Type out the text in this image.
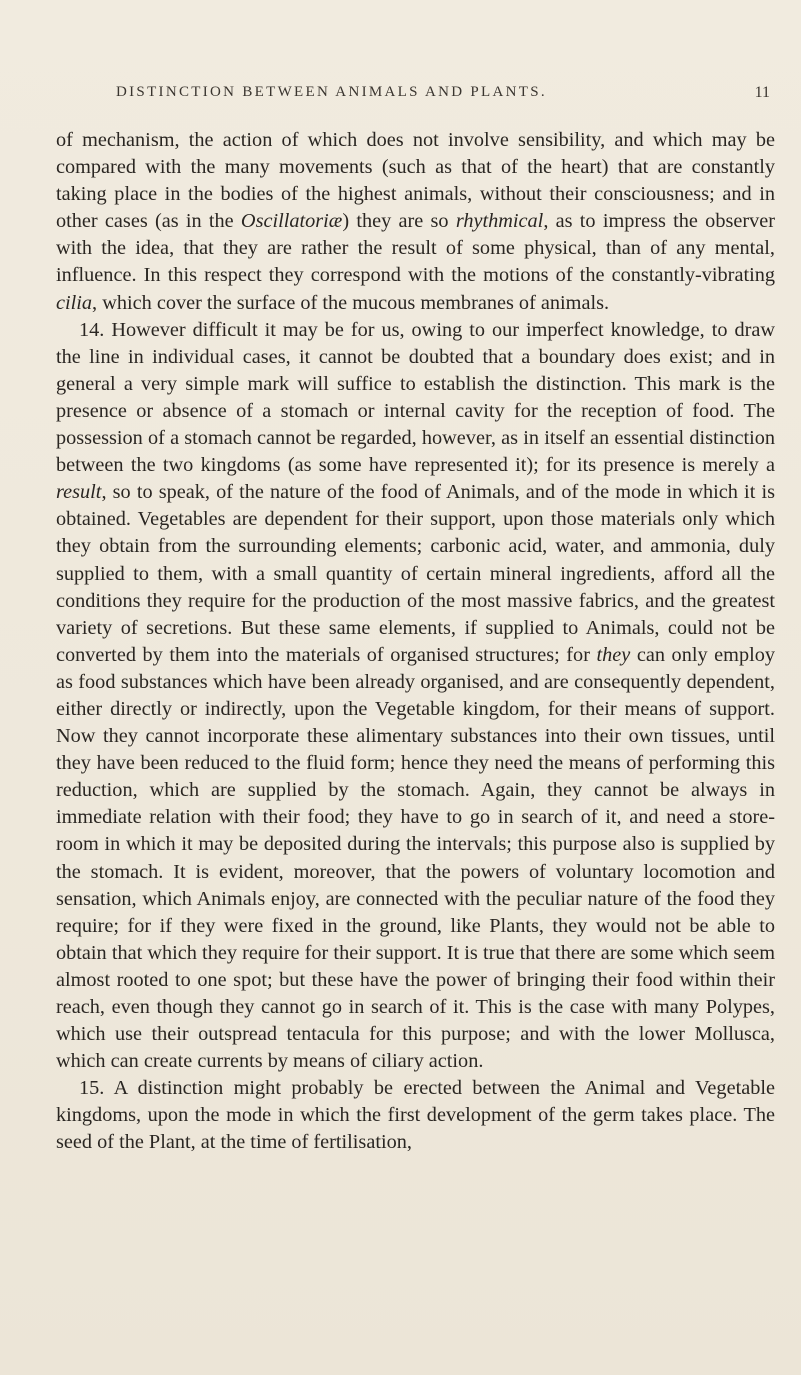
DISTINCTION BETWEEN ANIMALS AND PLANTS.	11

of mechanism, the action of which does not involve sensibility, and which may be compared with the many movements (such as that of the heart) that are constantly taking place in the bodies of the highest animals, without their consciousness; and in other cases (as in the Oscillatoriæ) they are so rhythmical, as to impress the observer with the idea, that they are rather the result of some physical, than of any mental, influence. In this respect they correspond with the motions of the constantly-vibrating cilia, which cover the surface of the mucous membranes of animals.

14. However difficult it may be for us, owing to our imperfect knowledge, to draw the line in individual cases, it cannot be doubted that a boundary does exist; and in general a very simple mark will suffice to establish the distinction. This mark is the presence or absence of a stomach or internal cavity for the reception of food. The possession of a stomach cannot be regarded, however, as in itself an essential distinction between the two kingdoms (as some have represented it); for its presence is merely a result, so to speak, of the nature of the food of Animals, and of the mode in which it is obtained. Vegetables are dependent for their support, upon those materials only which they obtain from the surrounding elements; carbonic acid, water, and ammonia, duly supplied to them, with a small quantity of certain mineral ingredients, afford all the conditions they require for the production of the most massive fabrics, and the greatest variety of secretions. But these same elements, if supplied to Animals, could not be converted by them into the materials of organised structures; for they can only employ as food substances which have been already organised, and are consequently dependent, either directly or indirectly, upon the Vegetable kingdom, for their means of support. Now they cannot incorporate these alimentary substances into their own tissues, until they have been reduced to the fluid form; hence they need the means of performing this reduction, which are supplied by the stomach. Again, they cannot be always in immediate relation with their food; they have to go in search of it, and need a store-room in which it may be deposited during the intervals; this purpose also is supplied by the stomach. It is evident, moreover, that the powers of voluntary locomotion and sensation, which Animals enjoy, are connected with the peculiar nature of the food they require; for if they were fixed in the ground, like Plants, they would not be able to obtain that which they require for their support. It is true that there are some which seem almost rooted to one spot; but these have the power of bringing their food within their reach, even though they cannot go in search of it. This is the case with many Polypes, which use their outspread tentacula for this purpose; and with the lower Mollusca, which can create currents by means of ciliary action.

15. A distinction might probably be erected between the Animal and Vegetable kingdoms, upon the mode in which the first development of the germ takes place. The seed of the Plant, at the time of fertilisation,
